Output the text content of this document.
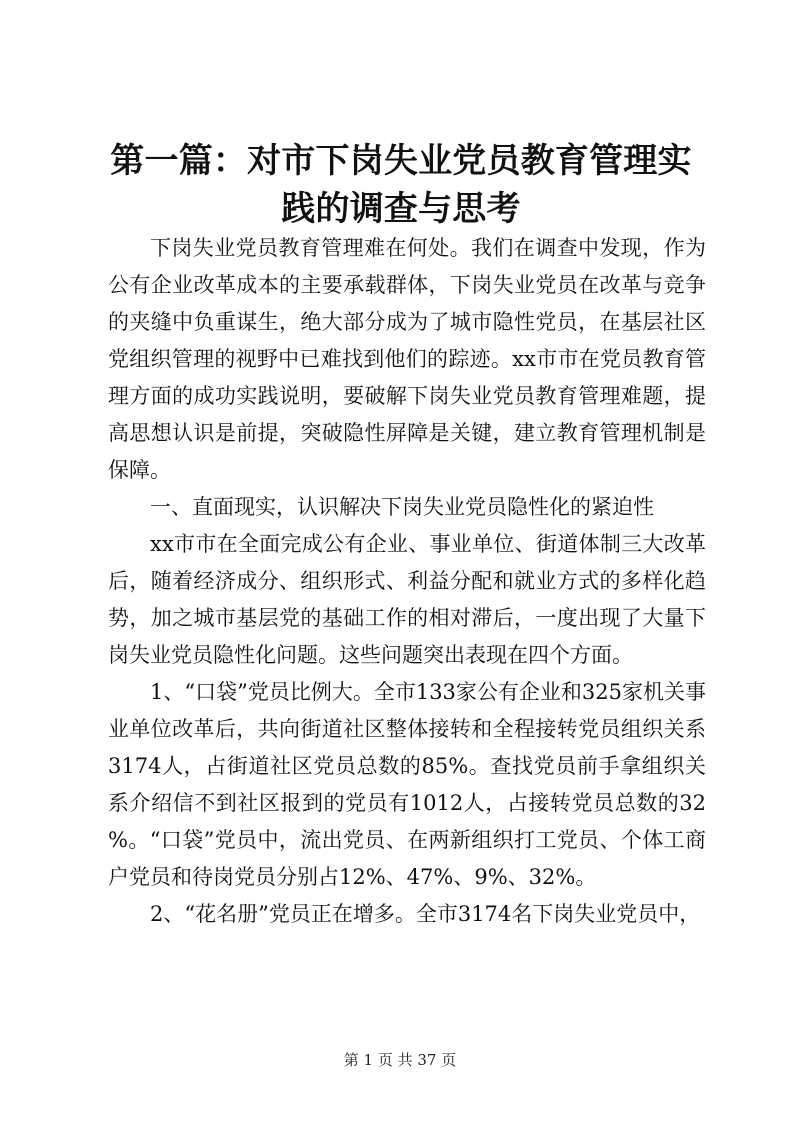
第一篇：对市下岗失业党员教育管理实践的调查与思考

下岗失业党员教育管理难在何处。我们在调查中发现，作为公有企业改革成本的主要承载群体，下岗失业党员在改革与竞争的夹缝中负重谋生，绝大部分成为了城市隐性党员，在基层社区党组织管理的视野中已难找到他们的踪迹。xx市市在党员教育管理方面的成功实践说明，要破解下岗失业党员教育管理难题，提高思想认识是前提，突破隐性屏障是关键，建立教育管理机制是保障。

一、直面现实，认识解决下岗失业党员隐性化的紧迫性

xx市市在全面完成公有企业、事业单位、街道体制三大改革后，随着经济成分、组织形式、利益分配和就业方式的多样化趋势，加之城市基层党的基础工作的相对滞后，一度出现了大量下岗失业党员隐性化问题。这些问题突出表现在四个方面。

1、“口袋”党员比例大。全市133家公有企业和325家机关事业单位改革后，共向街道社区整体接转和全程接转党员组织关系3174人，占街道社区党员总数的85%。查找党员前手拿组织关系介绍信不到社区报到的党员有1012人，占接转党员总数的32%。“口袋”党员中，流出党员、在两新组织打工党员、个体工商户党员和待岗党员分别占12%、47%、9%、32%。

2、“花名册”党员正在增多。全市3174名下岗失业党员中，

第 1 页 共 37 页
